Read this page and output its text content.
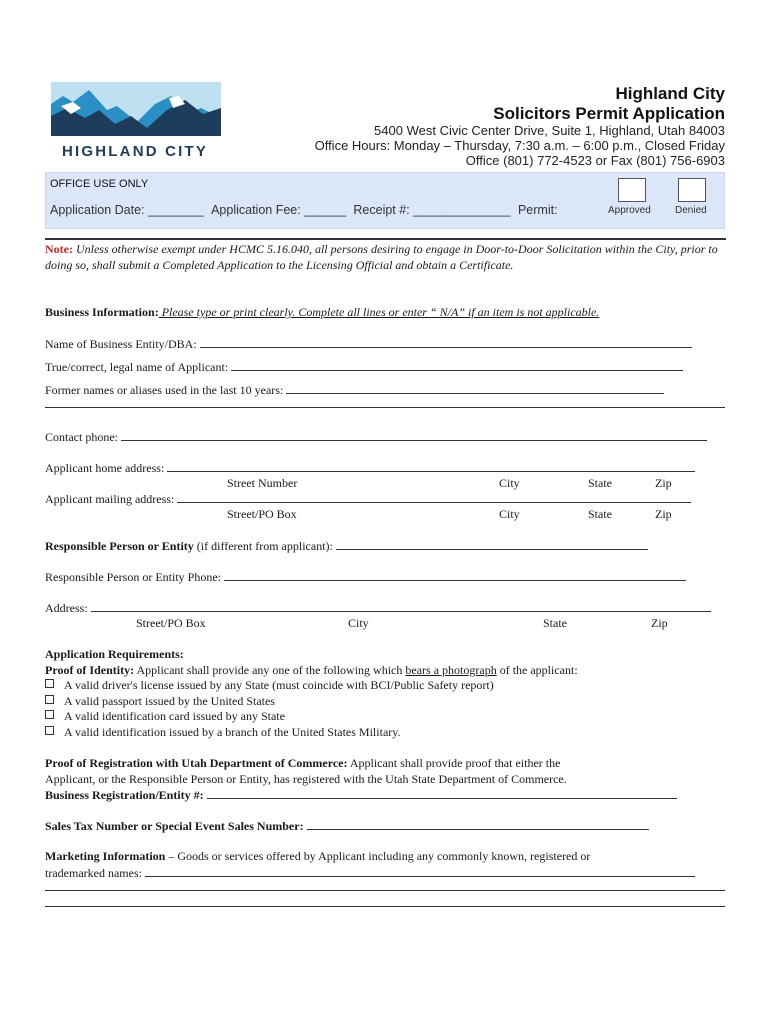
HIGHLAND CITY
Highland City
Solicitors Permit Application
5400 West Civic Center Drive, Suite 1, Highland, Utah 84003
Office Hours: Monday – Thursday, 7:30 a.m. – 6:00 p.m., Closed Friday
Office (801) 772-4523 or Fax (801) 756-6903
OFFICE USE ONLY
Application Date: ________ Application Fee: ______ Receipt #: ______________ Permit:	Approved Denied
Note: Unless otherwise exempt under HCMC 5.16.040, all persons desiring to engage in Door-to-Door Solicitation within the City, prior to doing so, shall submit a Completed Application to the Licensing Official and obtain a Certificate.
Business Information: Please type or print clearly. Complete all lines or enter “ N/A” if an item is not applicable.
Name of Business Entity/DBA:
True/correct, legal name of Applicant:
Former names or aliases used in the last 10 years:
Contact phone:
Applicant home address:
Street Number	City	State	Zip
Applicant mailing address:
Street/PO Box	City	State	Zip
Responsible Person or Entity (if different from applicant):
Responsible Person or Entity Phone:
Address:
Street/PO Box	City	State	Zip
Application Requirements:
Proof of Identity: Applicant shall provide any one of the following which bears a photograph of the applicant:
A valid driver's license issued by any State (must coincide with BCI/Public Safety report)
A valid passport issued by the United States
A valid identification card issued by any State
A valid identification issued by a branch of the United States Military.
Proof of Registration with Utah Department of Commerce: Applicant shall provide proof that either the
Applicant, or the Responsible Person or Entity, has registered with the Utah State Department of Commerce.
Business Registration/Entity #:
Sales Tax Number or Special Event Sales Number:
Marketing Information – Goods or services offered by Applicant including any commonly known, registered or
trademarked names:
